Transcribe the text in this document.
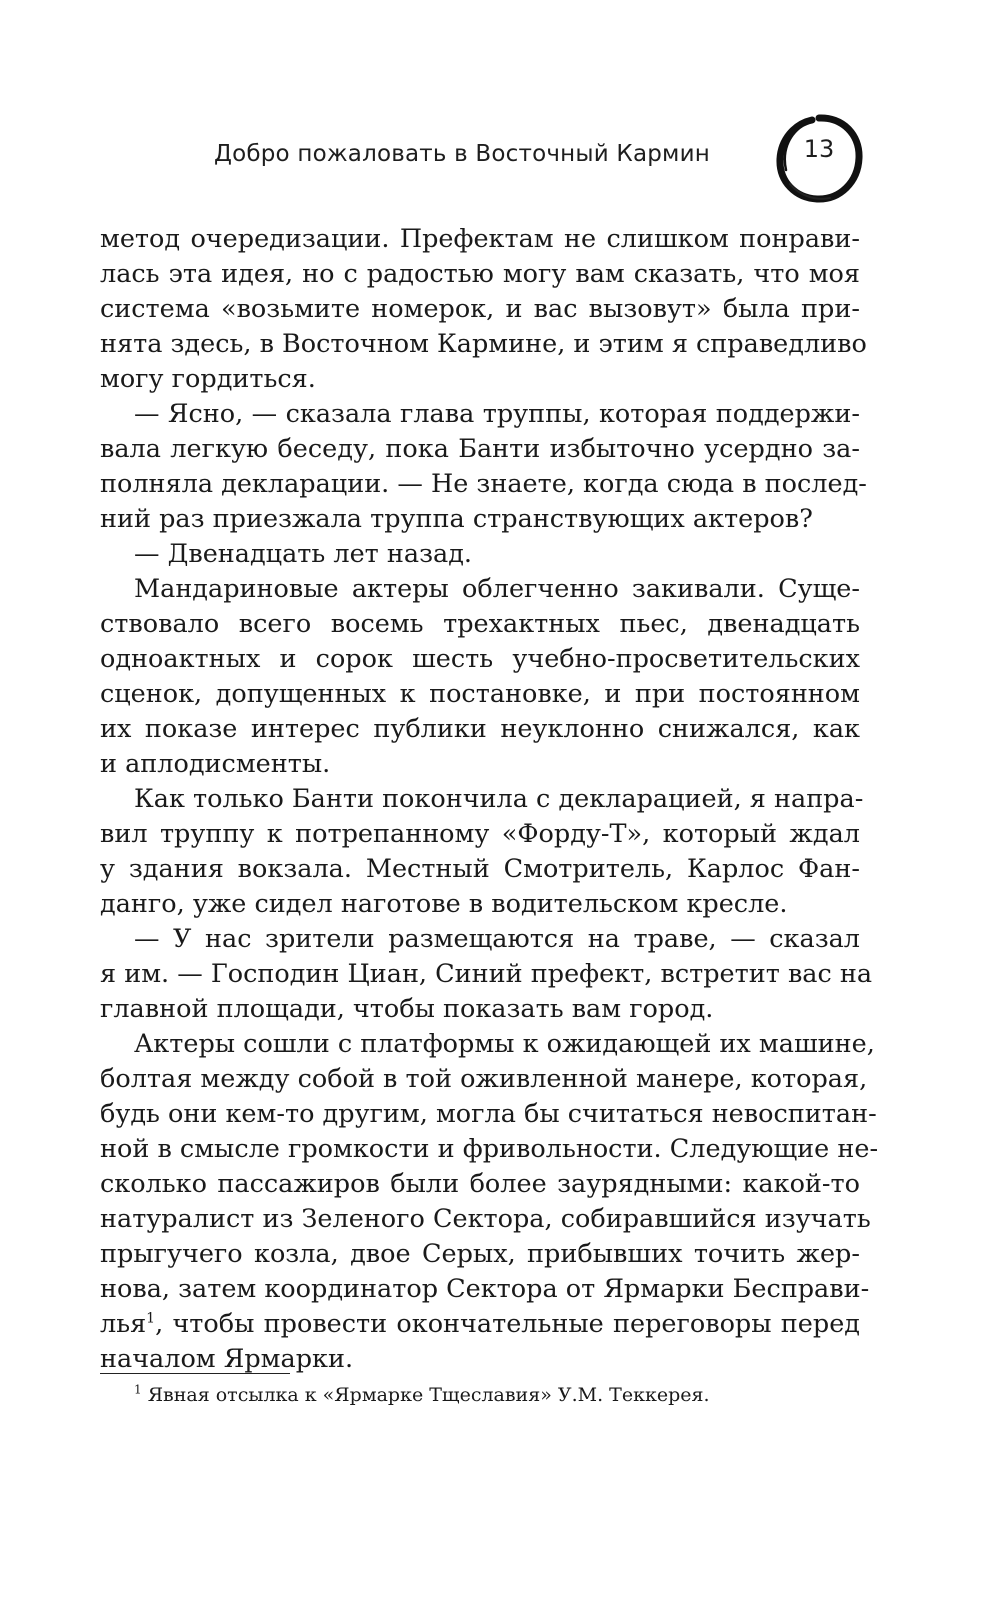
Добро пожаловать в Восточный Кармин	13
метод очередизации. Префектам не слишком понрави-
лась эта идея, но с радостью могу вам сказать, что моя
система «возьмите номерок, и вас вызовут» была при-
нята здесь, в Восточном Кармине, и этим я справедливо
могу гордиться.
— Ясно, — сказала глава труппы, которая поддержи-
вала легкую беседу, пока Банти избыточно усердно за-
полняла декларации. — Не знаете, когда сюда в послед-
ний раз приезжала труппа странствующих актеров?
— Двенадцать лет назад.
Мандариновые актеры облегченно закивали. Суще-
ствовало всего восемь трехактных пьес, двенадцать
одноактных и сорок шесть учебно-просветительских
сценок, допущенных к постановке, и при постоянном
их показе интерес публики неуклонно снижался, как
и аплодисменты.
Как только Банти покончила с декларацией, я напра-
вил труппу к потрепанному «Форду-Т», который ждал
у здания вокзала. Местный Смотритель, Карлос Фан-
данго, уже сидел наготове в водительском кресле.
— У нас зрители размещаются на траве, — сказал
я им. — Господин Циан, Синий префект, встретит вас на
главной площади, чтобы показать вам город.
Актеры сошли с платформы к ожидающей их машине,
болтая между собой в той оживленной манере, которая,
будь они кем-то другим, могла бы считаться невоспитан-
ной в смысле громкости и фривольности. Следующие не-
сколько пассажиров были более заурядными: какой-то
натуралист из Зеленого Сектора, собиравшийся изучать
прыгучего козла, двое Серых, прибывших точить жер-
нова, затем координатор Сектора от Ярмарки Бесправи-
лья$^1$, чтобы провести окончательные переговоры перед
началом Ярмарки.
$^1$ Явная отсылка к «Ярмарке Тщеславия» У.М. Теккерея.
